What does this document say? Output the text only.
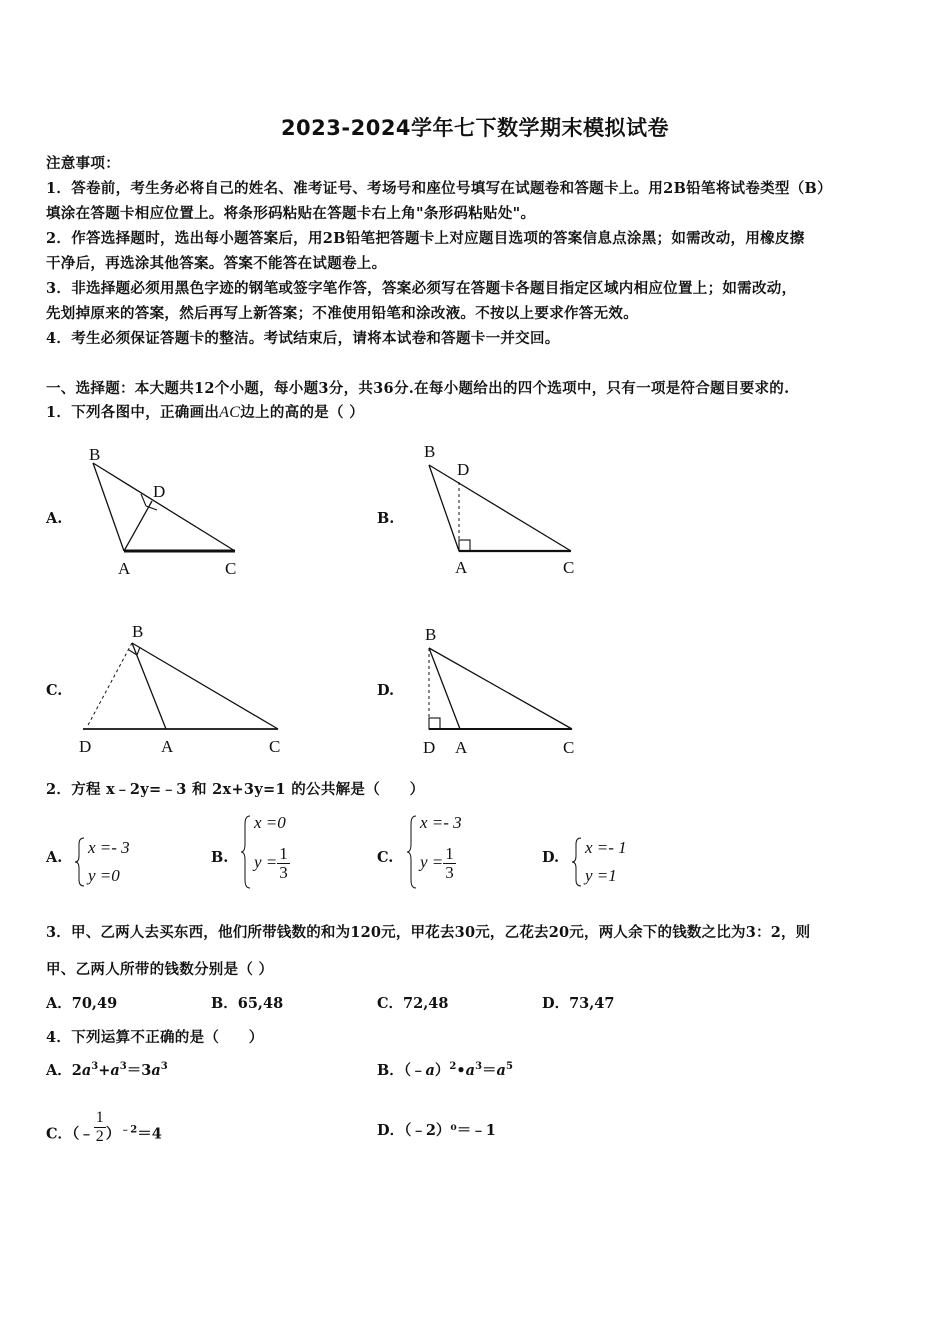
2023-2024学年七下数学期末模拟试卷
注意事项：
1．答卷前，考生务必将自己的姓名、准考证号、考场号和座位号填写在试题卷和答题卡上。用2B铅笔将试卷类型（B）
填涂在答题卡相应位置上。将条形码粘贴在答题卡右上角"条形码粘贴处"。
2．作答选择题时，选出每小题答案后，用2B铅笔把答题卡上对应题目选项的答案信息点涂黑；如需改动，用橡皮擦
干净后，再选涂其他答案。答案不能答在试题卷上。
3．非选择题必须用黑色字迹的钢笔或签字笔作答，答案必须写在答题卡各题目指定区域内相应位置上；如需改动，
先划掉原来的答案，然后再写上新答案；不准使用铅笔和涂改液。不按以上要求作答无效。
4．考生必须保证答题卡的整洁。考试结束后，请将本试卷和答题卡一并交回。
一、选择题：本大题共12个小题，每小题3分，共36分.在每小题给出的四个选项中，只有一项是符合题目要求的.
1．下列各图中，正确画出AC边上的高的是（ ）
A.	B.
C.	D.
B
D
A	C
B
D
A	C
B
D	A	C
B
D A	C
2．方程 x﹣2y=﹣3 和 2x+3y=1 的公共解是（　　）
A.
x =- 3
y =0
B.
x =0
$y = \frac{1}{3}$	C.
x =- 3
$y = \frac{1}{3}$	D.
x =- 1
y =1
3．甲、乙两人去买东西，他们所带钱数的和为120元，甲花去30元，乙花去20元，两人余下的钱数之比为3：2，则
甲、乙两人所带的钱数分别是（ ）
A．70,49	B．65,48	C．72,48	D．73,47
4．下列运算不正确的是（　　）
A．$2a^3+a^3=3a^3$	B．$(﹣a)^2•a^3=a^5$
C．（﹣ $\frac{1}{2} )^{﹣2}=4$	D．（﹣2）⁰＝﹣1
